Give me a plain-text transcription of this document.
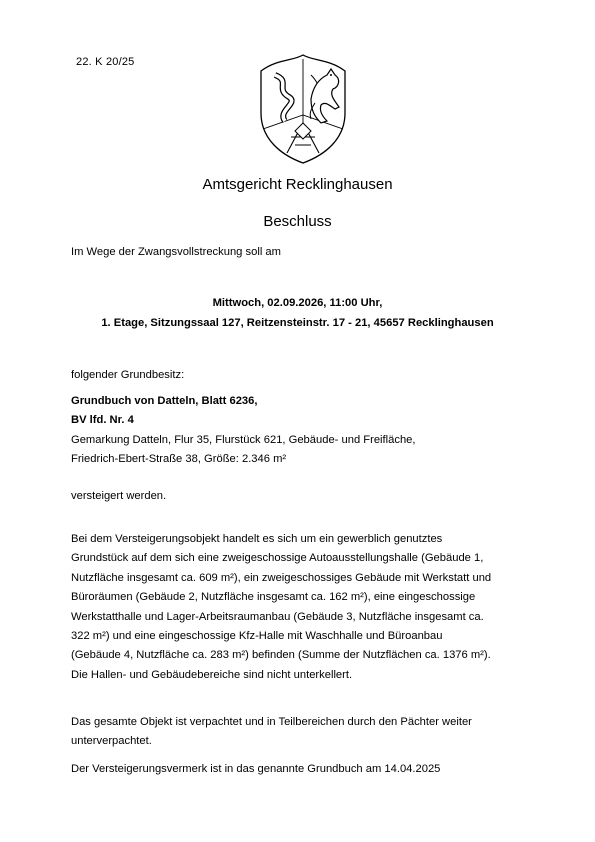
22. K 20/25
Amtsgericht Recklinghausen
Beschluss
Im Wege der Zwangsvollstreckung soll am
Mittwoch, 02.09.2026, 11:00 Uhr,
1. Etage, Sitzungssaal 127, Reitzensteinstr. 17 - 21, 45657 Recklinghausen
folgender Grundbesitz:
Grundbuch von Datteln, Blatt 6236,
BV lfd. Nr. 4
Gemarkung Datteln, Flur 35, Flurstück 621, Gebäude- und Freifläche,
Friedrich-Ebert-Straße 38, Größe: 2.346 m²
versteigert werden.
Bei dem Versteigerungsobjekt handelt es sich um ein gewerblich genutztes
Grundstück auf dem sich eine zweigeschossige Autoausstellungshalle (Gebäude 1,
Nutzfläche insgesamt ca. 609 m²), ein zweigeschossiges Gebäude mit Werkstatt und
Büroräumen (Gebäude 2, Nutzfläche insgesamt ca. 162 m²), eine eingeschossige
Werkstatthalle und Lager-Arbeitsraumanbau (Gebäude 3, Nutzfläche insgesamt ca.
322 m²) und eine eingeschossige Kfz-Halle mit Waschhalle und Büroanbau
(Gebäude 4, Nutzfläche ca. 283 m²) befinden (Summe der Nutzflächen ca. 1376 m²).
Die Hallen- und Gebäudebereiche sind nicht unterkellert.
Das gesamte Objekt ist verpachtet und in Teilbereichen durch den Pächter weiter
unterverpachtet.
Der Versteigerungsvermerk ist in das genannte Grundbuch am 14.04.2025
